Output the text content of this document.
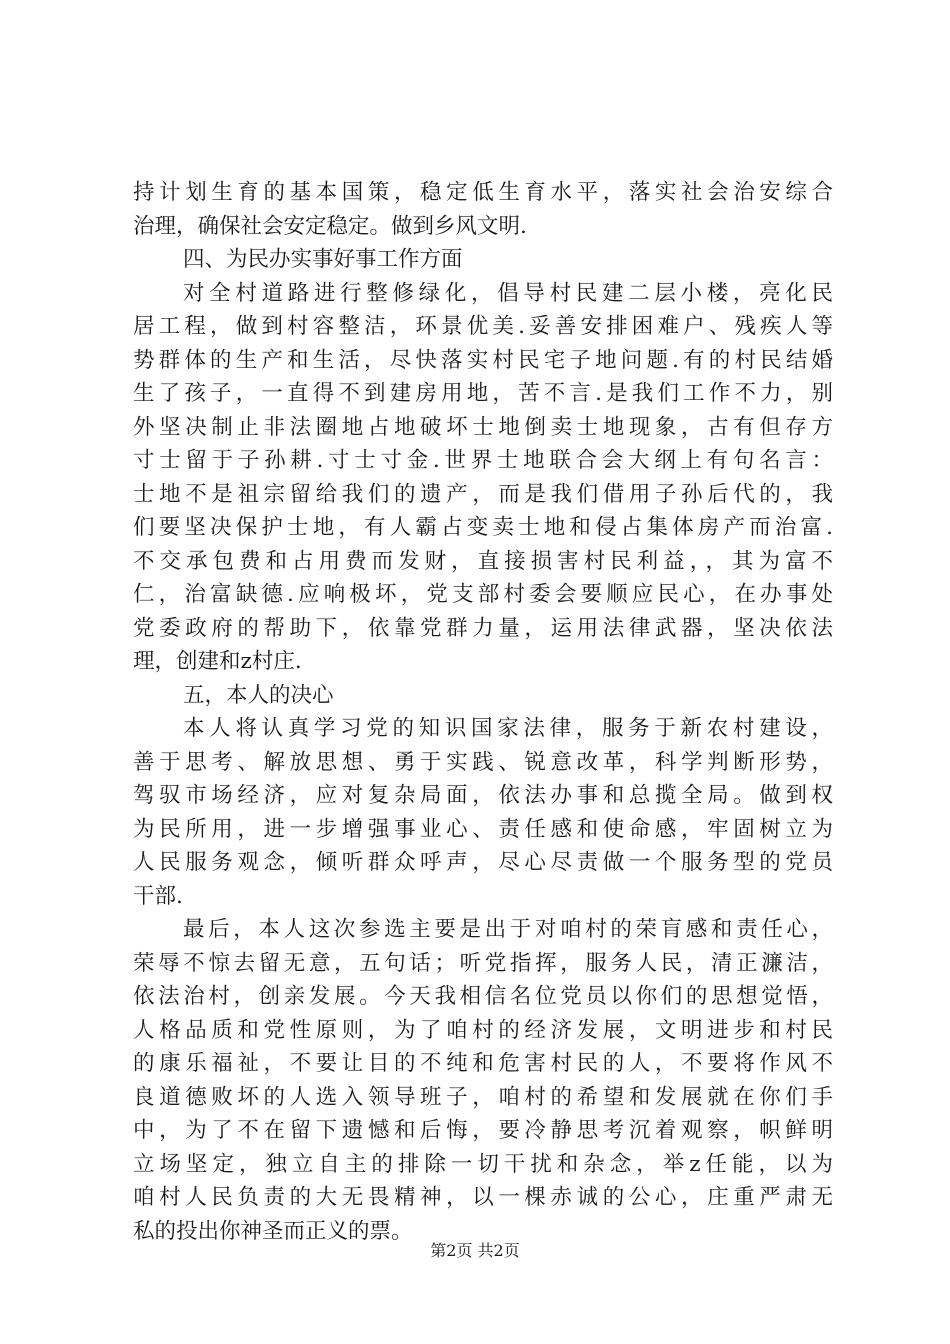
持计划生育的基本国策，稳定低生育水平，落实社会治安综合
治理，确保社会安定稳定。做到乡风文明.
四、为民办实事好事工作方面
对全村道路进行整修绿化，倡导村民建二层小楼，亮化民
居工程，做到村容整洁，环景优美.妥善安排困难户、残疾人等
势群体的生产和生活，尽快落实村民宅子地问题.有的村民结婚
生了孩子，一直得不到建房用地，苦不言.是我们工作不力，别
外坚决制止非法圈地占地破坏士地倒卖士地现象，古有但存方
寸士留于子孙耕.寸士寸金.世界士地联合会大纲上有句名言：
士地不是祖宗留给我们的遗产，而是我们借用子孙后代的，我
们要坚决保护士地，有人霸占变卖士地和侵占集体房产而治富.
不交承包费和占用费而发财，直接损害村民利益，，其为富不
仁，治富缺德.应响极坏，党支部村委会要顺应民心，在办事处
党委政府的帮助下，依靠党群力量，运用法律武器，坚决依法
理，创建和z村庄.
五，本人的决心
本人将认真学习党的知识国家法律，服务于新农村建设，
善于思考、解放思想、勇于实践、锐意改革，科学判断形势，
驾驭市场经济，应对复杂局面，依法办事和总揽全局。做到权
为民所用，进一步增强事业心、责任感和使命感，牢固树立为
人民服务观念，倾听群众呼声，尽心尽责做一个服务型的党员
干部.
最后，本人这次参选主要是出于对咱村的荣肓感和责任心，
荣辱不惊去留无意，五句话；听党指挥，服务人民，清正濂洁，
依法治村，创亲发展。今天我相信名位党员以你们的思想觉悟，
人格品质和党性原则，为了咱村的经济发展，文明进步和村民
的康乐福祉，不要让目的不纯和危害村民的人，不要将作风不
良道德败坏的人选入领导班子，咱村的希望和发展就在你们手
中，为了不在留下遗憾和后悔，要冷静思考沉着观察，帜鲜明
立场坚定，独立自主的排除一切干扰和杂念，举z任能，以为
咱村人民负责的大无畏精神，以一棵赤诚的公心，庄重严肃无
私的投出你神圣而正义的票。
第2页 共2页
